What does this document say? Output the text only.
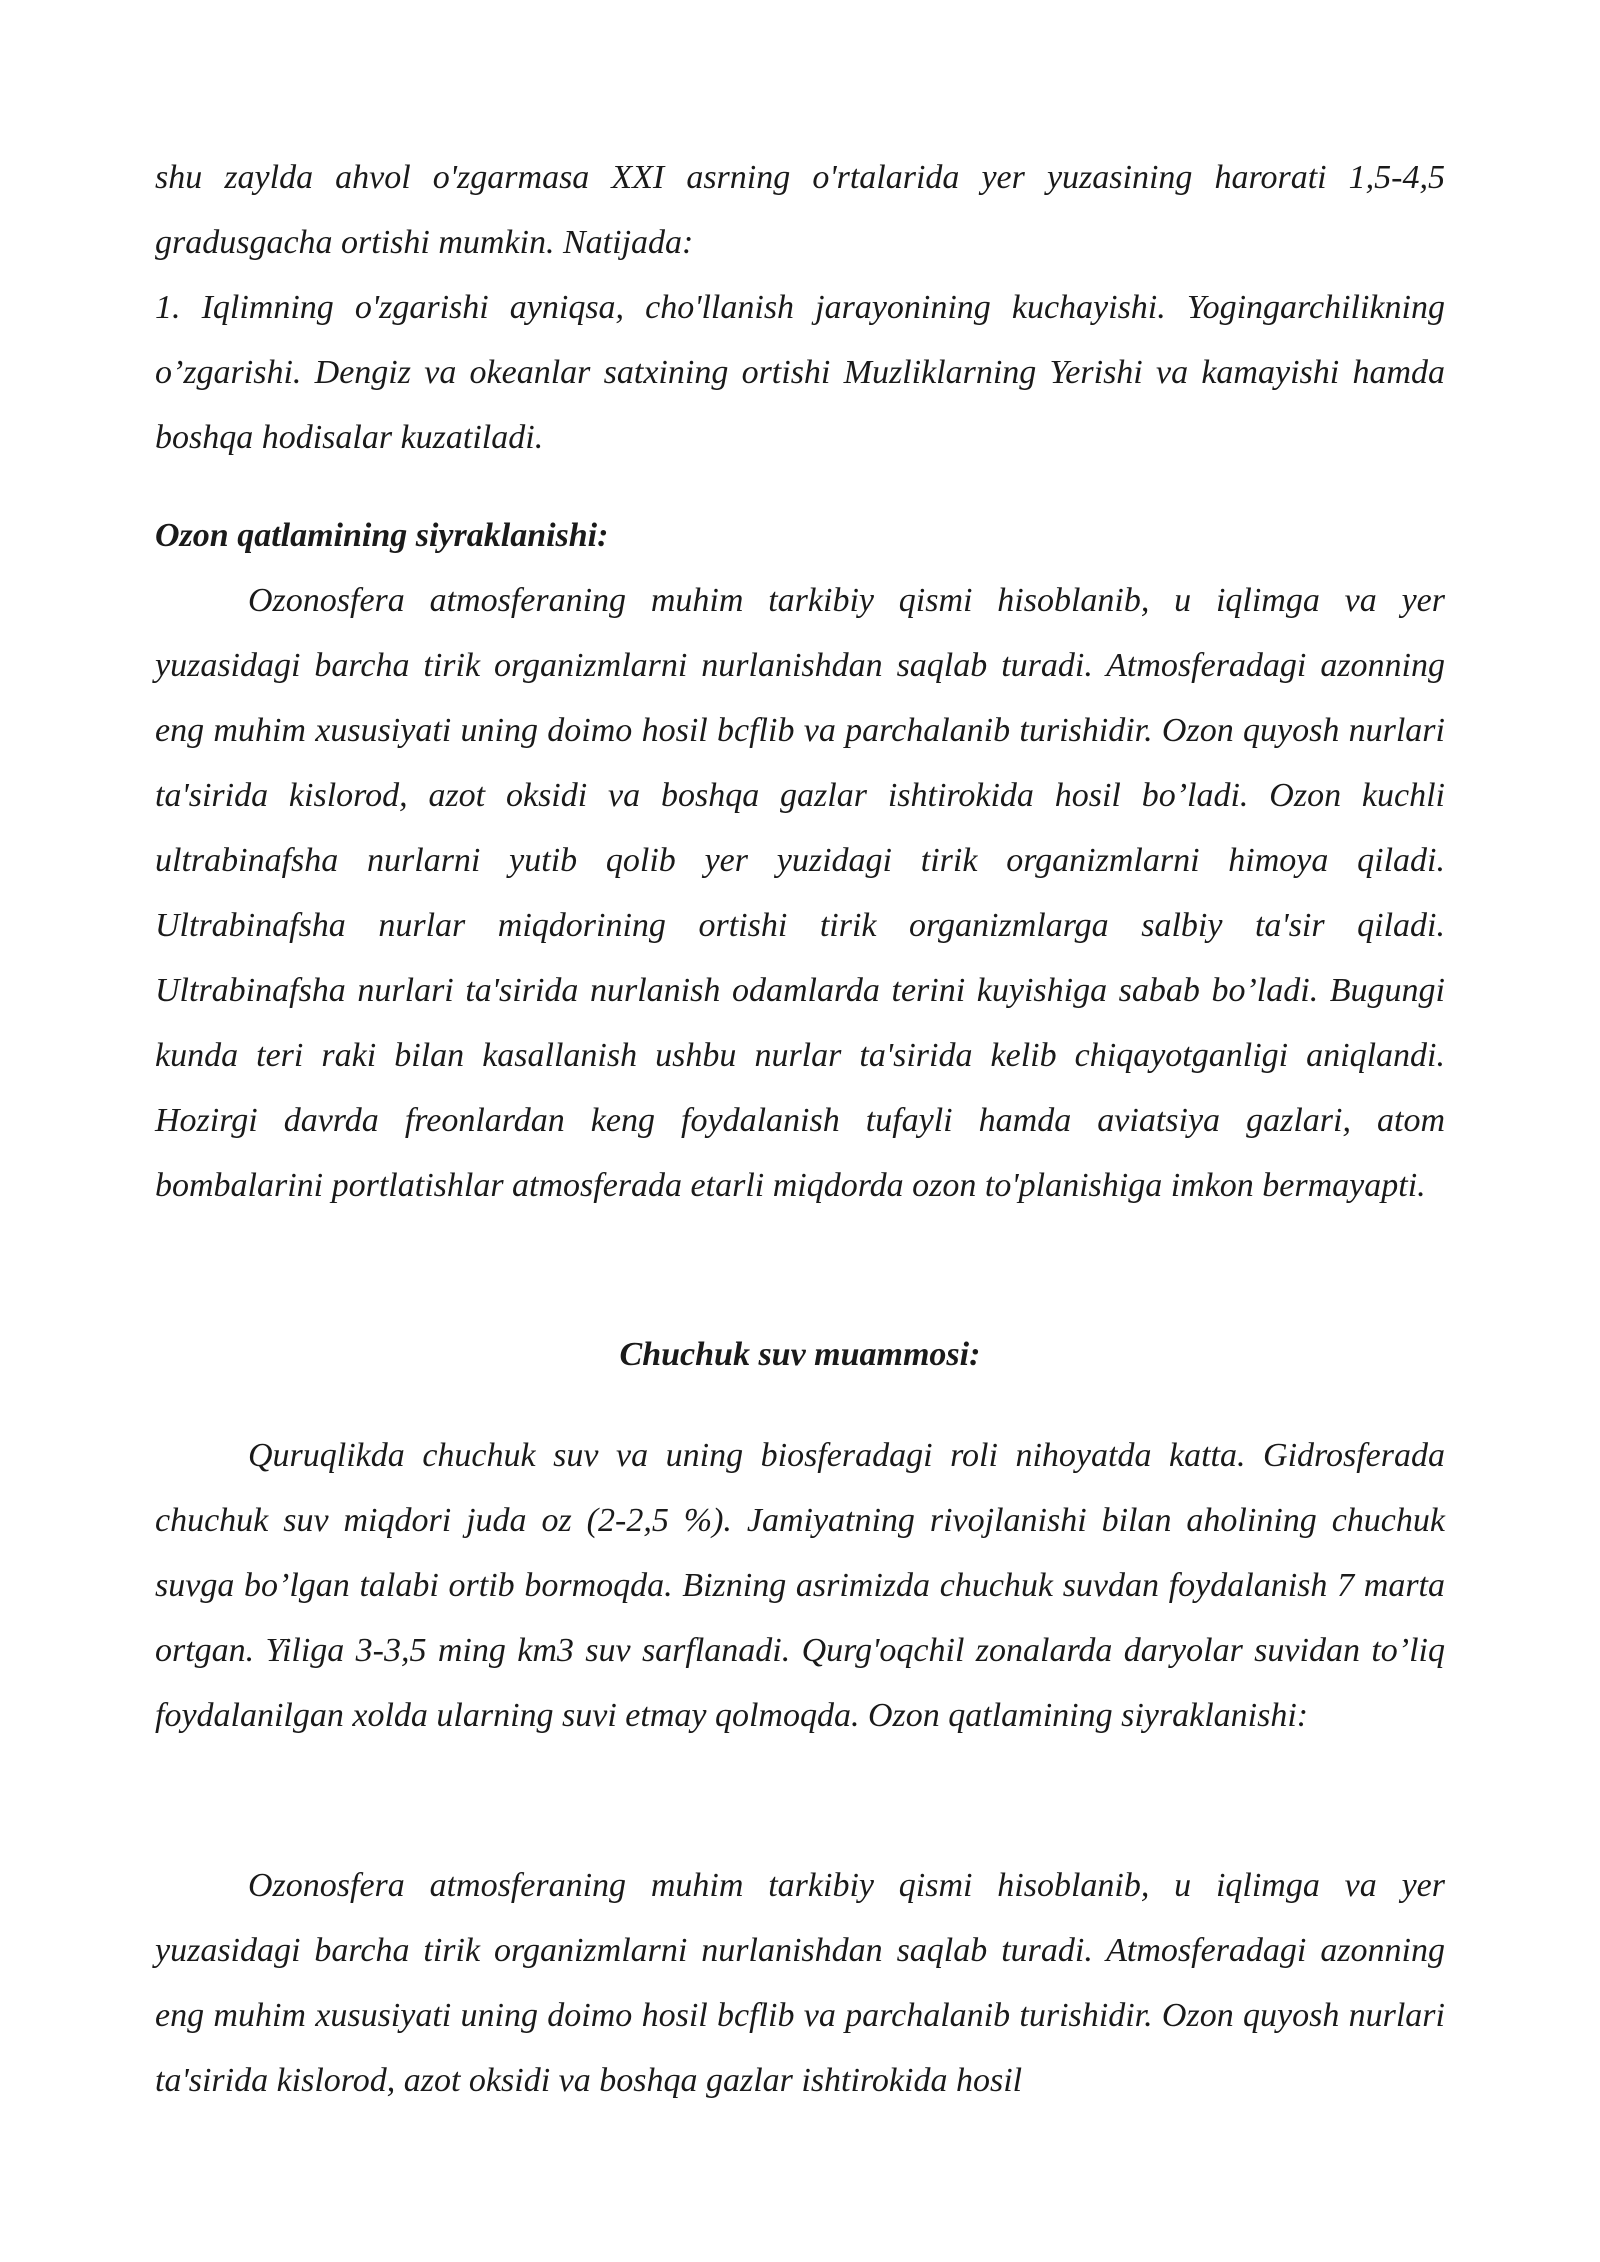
shu zaylda ahvol o'zgarmasa XXI asrning o'rtalarida yer yuzasining harorati 1,5-4,5 gradusgacha ortishi mumkin. Natijada:

1. Iqlimning o'zgarishi ayniqsa, cho'llanish jarayonining kuchayishi. Yogingarchilikning o’zgarishi. Dengiz va okeanlar satxining ortishi Muzliklarning Yerishi va kamayishi hamda boshqa hodisalar kuzatiladi.

Ozon qatlamining siyraklanishi:

Ozonosfera atmosferaning muhim tarkibiy qismi hisoblanib, u iqlimga va yer yuzasidagi barcha tirik organizmlarni nurlanishdan saqlab turadi. Atmosferadagi azonning eng muhim xususiyati uning doimo hosil bcflib va parchalanib turishidir. Ozon quyosh nurlari ta'sirida kislorod, azot oksidi va boshqa gazlar ishtirokida hosil bo’ladi. Ozon kuchli ultrabinafsha nurlarni yutib qolib yer yuzidagi tirik organizmlarni himoya qiladi. Ultrabinafsha nurlar miqdorining ortishi tirik organizmlarga salbiy ta'sir qiladi. Ultrabinafsha nurlari ta'sirida nurlanish odamlarda terini kuyishiga sabab bo’ladi. Bugungi kunda teri raki bilan kasallanish ushbu nurlar ta'sirida kelib chiqayotganligi aniqlandi. Hozirgi davrda freonlardan keng foydalanish tufayli hamda aviatsiya gazlari, atom bombalarini portlatishlar atmosferada etarli miqdorda ozon to'planishiga imkon bermayapti.

Chuchuk suv muammosi:

Quruqlikda chuchuk suv va uning biosferadagi roli nihoyatda katta. Gidrosferada chuchuk suv miqdori juda oz (2-2,5 %). Jamiyatning rivojlanishi bilan aholining chuchuk suvga bo’lgan talabi ortib bormoqda. Bizning asrimizda chuchuk suvdan foydalanish 7 marta ortgan. Yiliga 3-3,5 ming km3 suv sarflanadi. Qurg'oqchil zonalarda daryolar suvidan to’liq foydalanilgan xolda ularning suvi etmay qolmoqda. Ozon qatlamining siyraklanishi:

Ozonosfera atmosferaning muhim tarkibiy qismi hisoblanib, u iqlimga va yer yuzasidagi barcha tirik organizmlarni nurlanishdan saqlab turadi. Atmosferadagi azonning eng muhim xususiyati uning doimo hosil bcflib va parchalanib turishidir. Ozon quyosh nurlari ta'sirida kislorod, azot oksidi va boshqa gazlar ishtirokida hosil
